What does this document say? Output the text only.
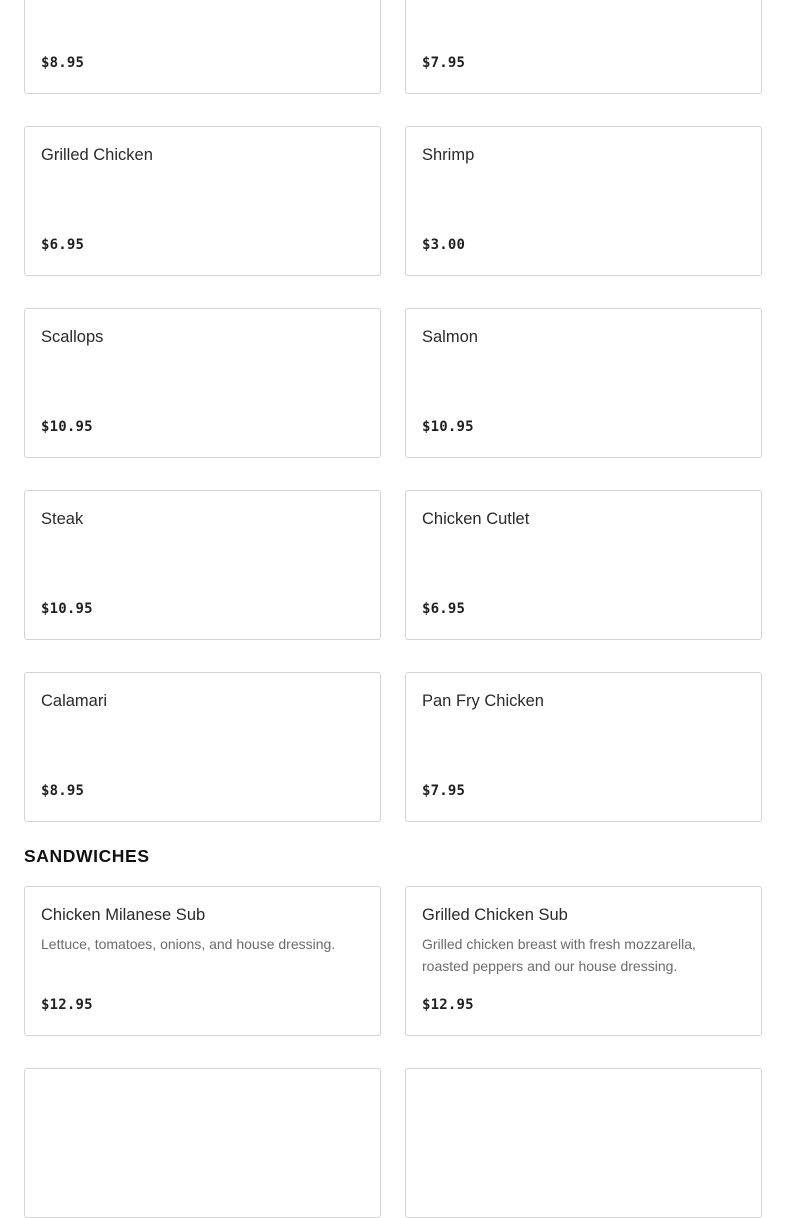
$8.95	$7.95
Grilled Chicken
$6.95
Shrimp
$3.00
Scallops
$10.95
Salmon
$10.95
Steak
$10.95
Chicken Cutlet
$6.95
Calamari
$8.95
Pan Fry Chicken
$7.95
SANDWICHES
Chicken Milanese Sub
Lettuce, tomatoes, onions, and house dressing.
$12.95
Grilled Chicken Sub
Grilled chicken breast with fresh mozzarella, roasted peppers and our house dressing.
$12.95
